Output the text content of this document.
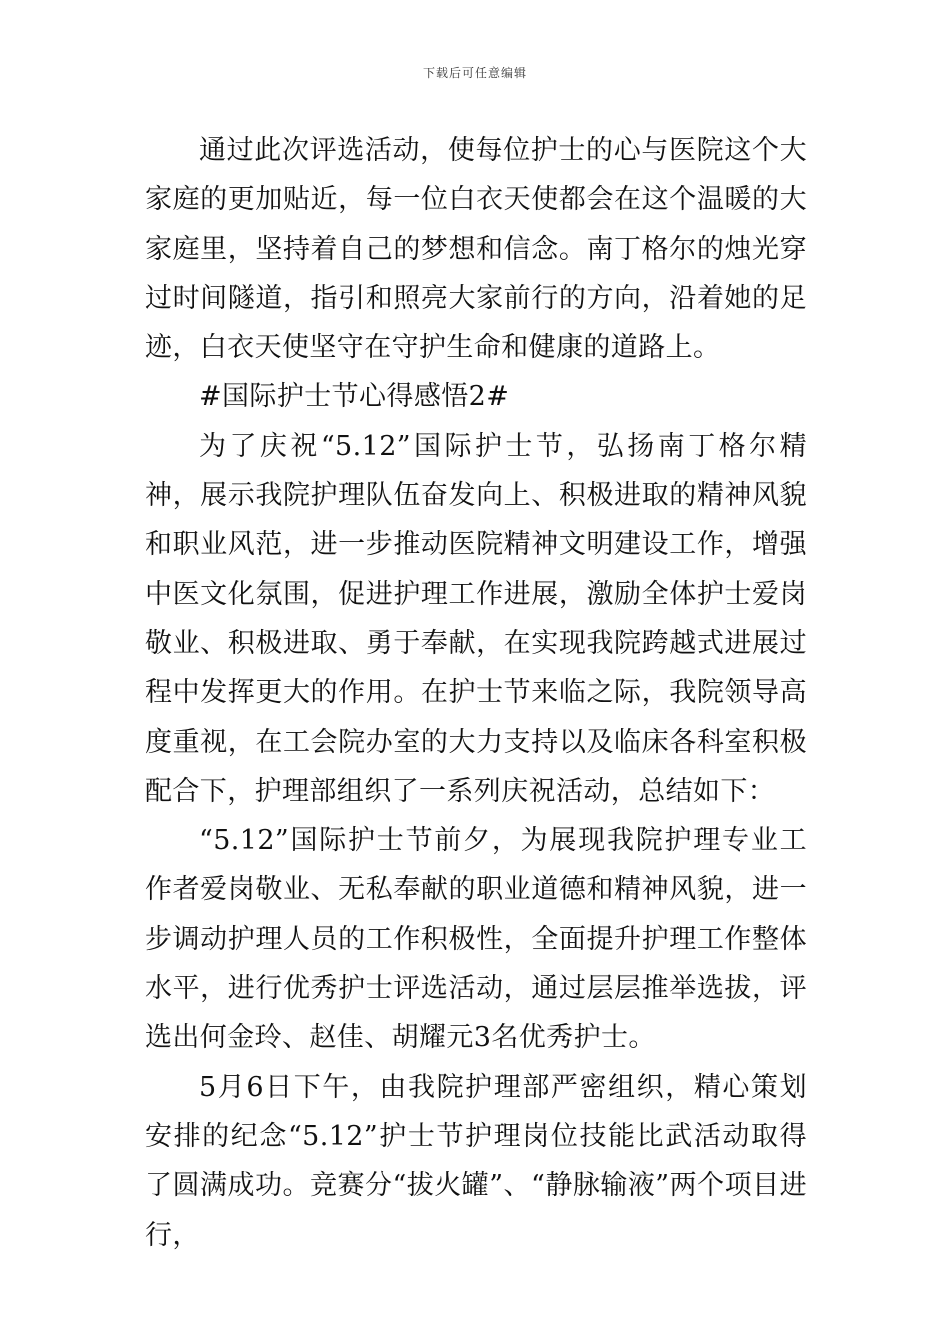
下载后可任意编辑

通过此次评选活动，使每位护士的心与医院这个大家庭的更加贴近，每一位白衣天使都会在这个温暖的大家庭里，坚持着自己的梦想和信念。南丁格尔的烛光穿过时间隧道，指引和照亮大家前行的方向，沿着她的足迹，白衣天使坚守在守护生命和健康的道路上。

#国际护士节心得感悟2#

为了庆祝“5.12”国际护士节，弘扬南丁格尔精神，展示我院护理队伍奋发向上、积极进取的精神风貌和职业风范，进一步推动医院精神文明建设工作，增强中医文化氛围，促进护理工作进展，激励全体护士爱岗敬业、积极进取、勇于奉献，在实现我院跨越式进展过程中发挥更大的作用。在护士节来临之际，我院领导高度重视，在工会院办室的大力支持以及临床各科室积极配合下，护理部组织了一系列庆祝活动，总结如下：

“5.12”国际护士节前夕，为展现我院护理专业工作者爱岗敬业、无私奉献的职业道德和精神风貌，进一步调动护理人员的工作积极性，全面提升护理工作整体水平，进行优秀护士评选活动，通过层层推举选拔，评选出何金玲、赵佳、胡耀元3名优秀护士。

5月6日下午，由我院护理部严密组织，精心策划安排的纪念“5.12”护士节护理岗位技能比武活动取得了圆满成功。竞赛分“拔火罐”、“静脉输液”两个项目进行，
